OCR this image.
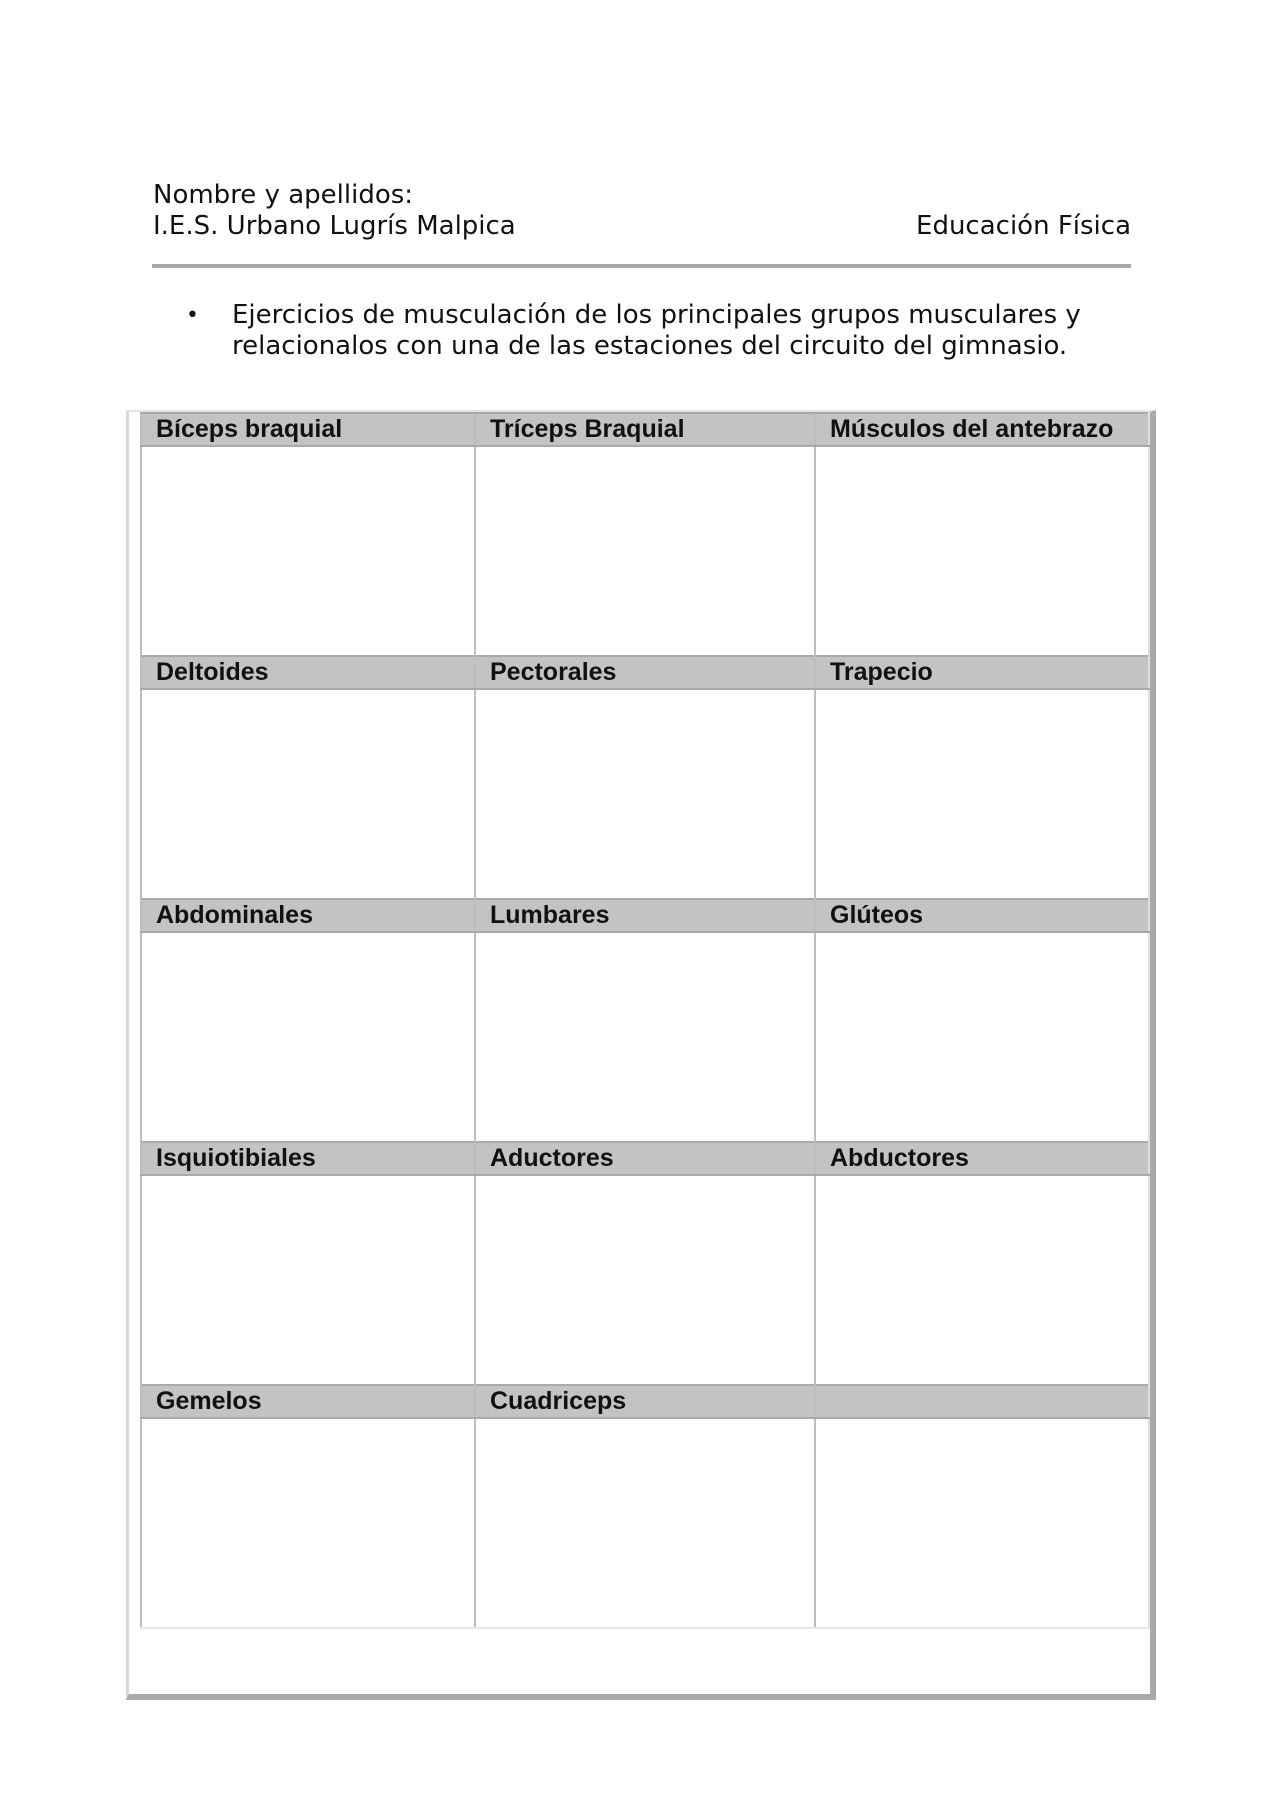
Nombre y apellidos:
I.E.S. Urbano Lugrís Malpica	Educación Física
•	Ejercicios de musculación de los principales grupos musculares y
relacionalos con una de las estaciones del circuito del gimnasio.
Bíceps braquial	Tríceps Braquial	Músculos del antebrazo

Deltoides	Pectorales	Trapecio

Abdominales	Lumbares	Glúteos

Isquiotibiales	Aductores	Abductores

Gemelos	Cuadriceps	
